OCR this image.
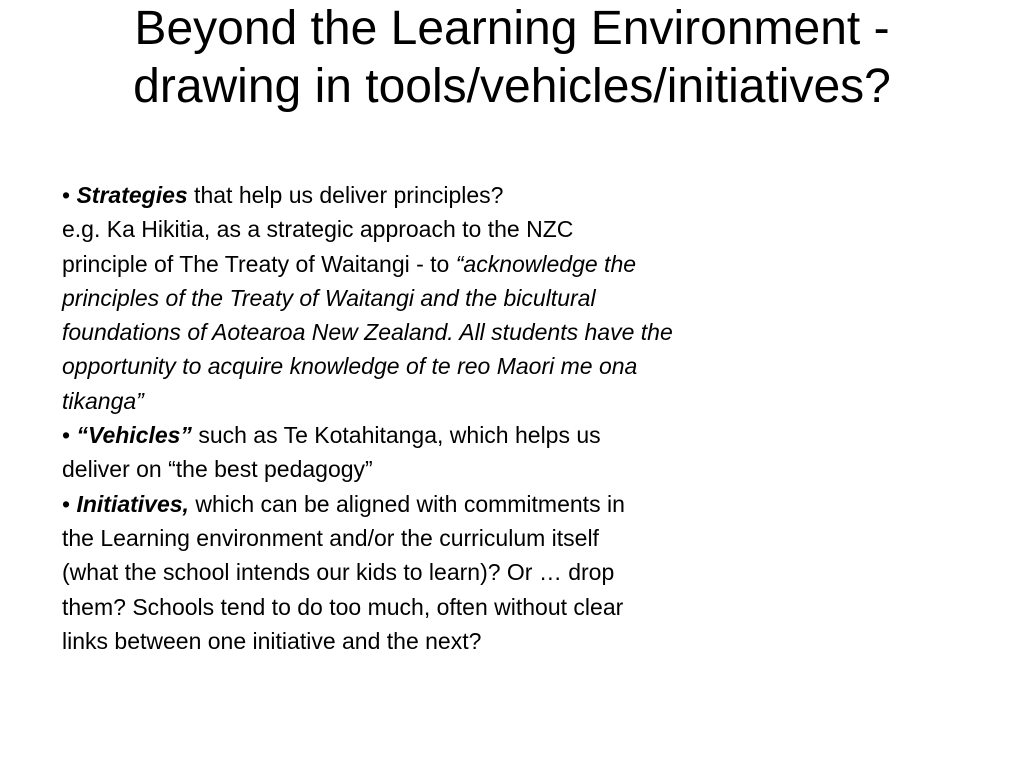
Beyond the Learning Environment -
drawing in tools/vehicles/initiatives?
• Strategies that help us deliver principles?
e.g. Ka Hikitia, as a strategic approach to the NZC
principle of The Treaty of Waitangi - to “acknowledge the
principles of the Treaty of Waitangi and the bicultural
foundations of Aotearoa New Zealand. All students have the
opportunity to acquire knowledge of te reo Maori me ona
tikanga”
• “Vehicles” such as Te Kotahitanga, which helps us
deliver on “the best pedagogy”
• Initiatives, which can be aligned with commitments in
the Learning environment and/or the curriculum itself
(what the school intends our kids to learn)? Or … drop
them? Schools tend to do too much, often without clear
links between one initiative and the next?
